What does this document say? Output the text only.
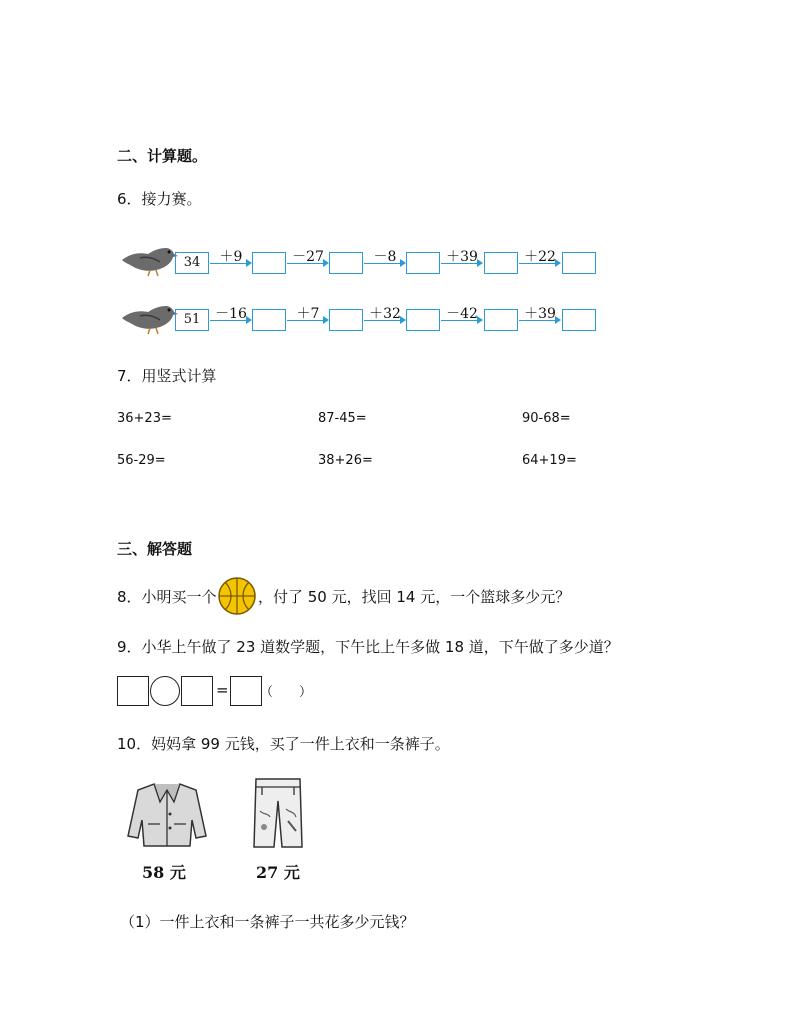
二、计算题。
6．接力赛。
34	＋9	－27	－8	＋39	＋22
51	－16	＋7	＋32	－42	＋39
7．用竖式计算
36+23=	87-45=	90-68=
56-29=	38+26=	64+19=
三、解答题
8．小明买一个	，付了 50 元，找回 14 元，一个篮球多少元？
9．小华上午做了 23 道数学题，下午比上午多做 18 道，下午做了多少道？
= （　　）
10．妈妈拿 99 元钱，买了一件上衣和一条裤子。
58 元	27 元
（1）一件上衣和一条裤子一共花多少元钱？
